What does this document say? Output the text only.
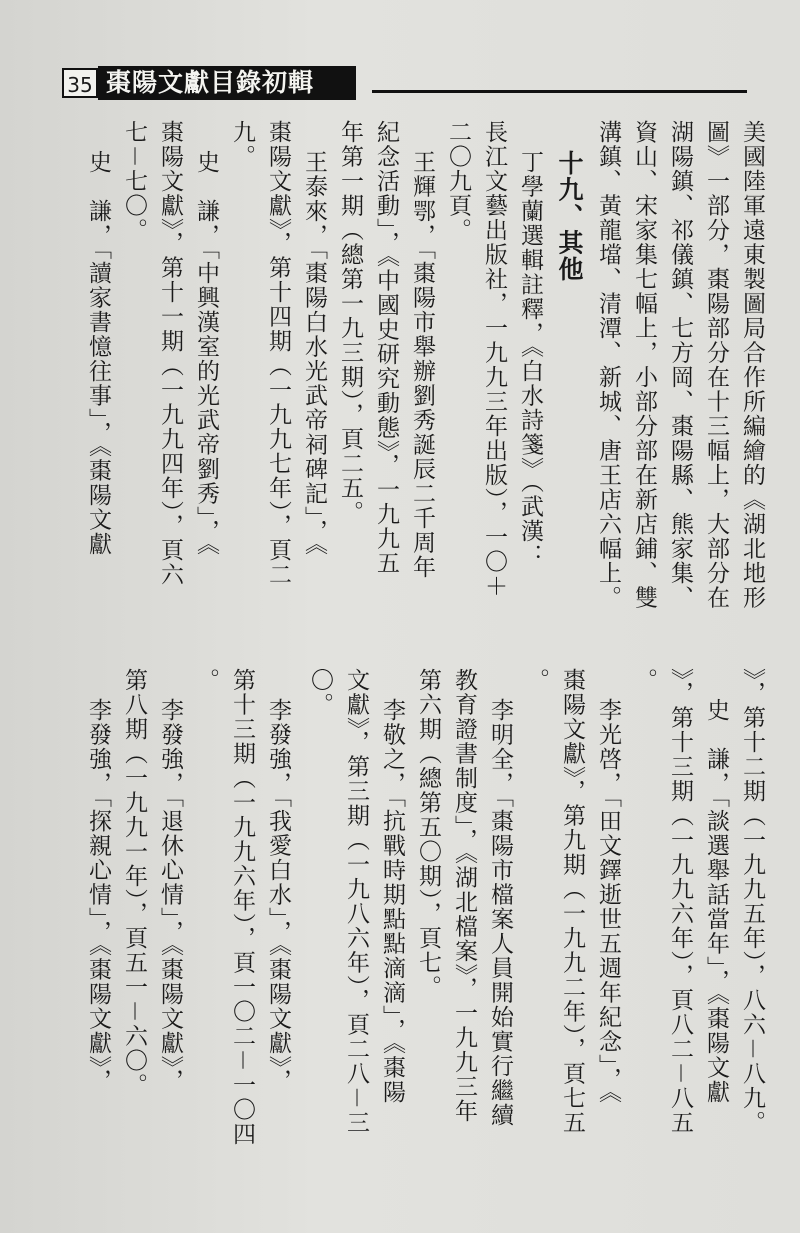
35 棗陽文獻目錄初輯
美國陸軍遠東製圖局合作所編繪的《湖北地形
圖》一部分，棗陽部分在十三幅上，大部分在
湖陽鎮、祁儀鎮、七方岡、棗陽縣、熊家集、
資山、宋家集七幅上，小部分部在新店鋪、雙
溝鎮、黃龍壋、清潭、新城、唐王店六幅上。
十九、其他
丁學蘭選輯註釋，《白水詩箋》（武漢：
長江文藝出版社，一九九三年出版），一〇＋
二〇九頁。
王輝鄂，「棗陽市舉辦劉秀誕辰二千周年
紀念活動」，《中國史研究動態》，一九九五
年第一期（總第一九三期），頁二五。
王泰來，「棗陽白水光武帝祠碑記」，《
棗陽文獻》，第十四期（一九九七年），頁二
九。
史　謙，「中興漢室的光武帝劉秀」，《
棗陽文獻》，第十一期（一九九四年），頁六
七－七〇。
史　謙，「讀家書憶往事」，《棗陽文獻
》，第十二期（一九九五年），八六－八九。
史　謙，「談選舉話當年」，《棗陽文獻
》，第十三期（一九九六年），頁八二－八五
。
李光啓，「田文鐸逝世五週年紀念」，《
棗陽文獻》，第九期（一九九二年），頁七五
。
李明全，「棗陽市檔案人員開始實行繼續
教育證書制度」，《湖北檔案》，一九九三年
第六期（總第五〇期），頁七。
李敬之，「抗戰時期點點滴滴」，《棗陽
文獻》，第三期（一九八六年），頁二八－三
〇。
李發強，「我愛白水」，《棗陽文獻》，
第十三期（一九九六年），頁一〇二－一〇四
。
李發強，「退休心情」，《棗陽文獻》，
第八期（一九九一年），頁五一－六〇。
李發強，「探親心情」，《棗陽文獻》，
